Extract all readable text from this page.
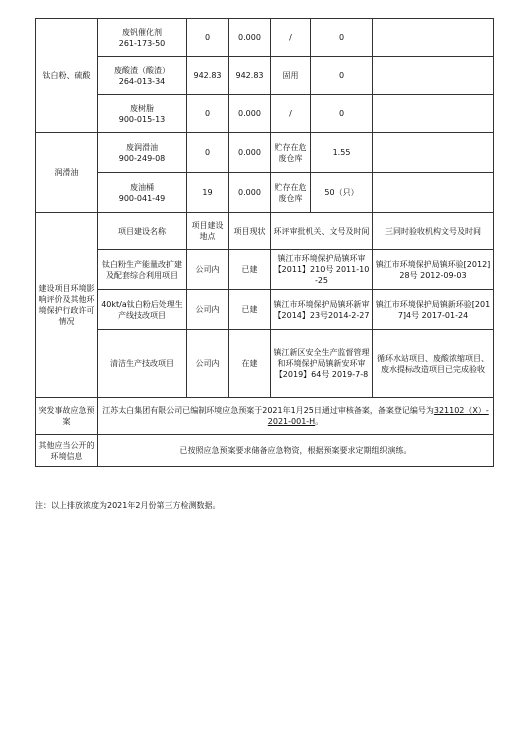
钛白粉、硫酸	废钒催化剂
261-173-50	0	0.000	/	0	
	废酸渣（酸渣）
264-013-34	942.83	942.83	固用	0	
	废树脂
900-015-13	0	0.000	/	0	
润滑油	废润滑油
900-249-08	0	0.000	贮存在危废仓库	1.55	
	废油桶
900-041-49	19	0.000	贮存在危废仓库	50（只）	
建设项目环境影响评价及其他环境保护行政许可情况	项目建设名称	项目建设地点	项目现状	环评审批机关、文号及时间		三同时验收机构文号及时间
	钛白粉生产能量改扩建及配套综合利用项目	公司内	已建	镇江市环境保护局镇环审【2011】210号 2011-10-25		镇江市环境保护局镇环验[2012]28号 2012-09-03
	40kt/a钛白粉后处理生产线技改项目	公司内	已建	镇江市环境保护局镇环新审【2014】23号2014-2-27		镇江市环境保护局镇新环验[2017]4号 2017-01-24
	清洁生产技改项目	公司内	在建	镇江新区安全生产监督管理和环境保护局镇新安环审【2019】64号 2019-7-8		循环水站项目、废酸浓缩项目、废水提标改造项目已完成验收
突发事故应急预案	江苏太白集团有限公司已编制环境应急预案于2021年1月25日通过审核备案，备案登记编号为321102（X）-2021-001-H。					
其他应当公开的环境信息	已按照应急预案要求储备应急物资，根据预案要求定期组织演练。					
注：以上排放浓度为2021年2月份第三方检测数据。
